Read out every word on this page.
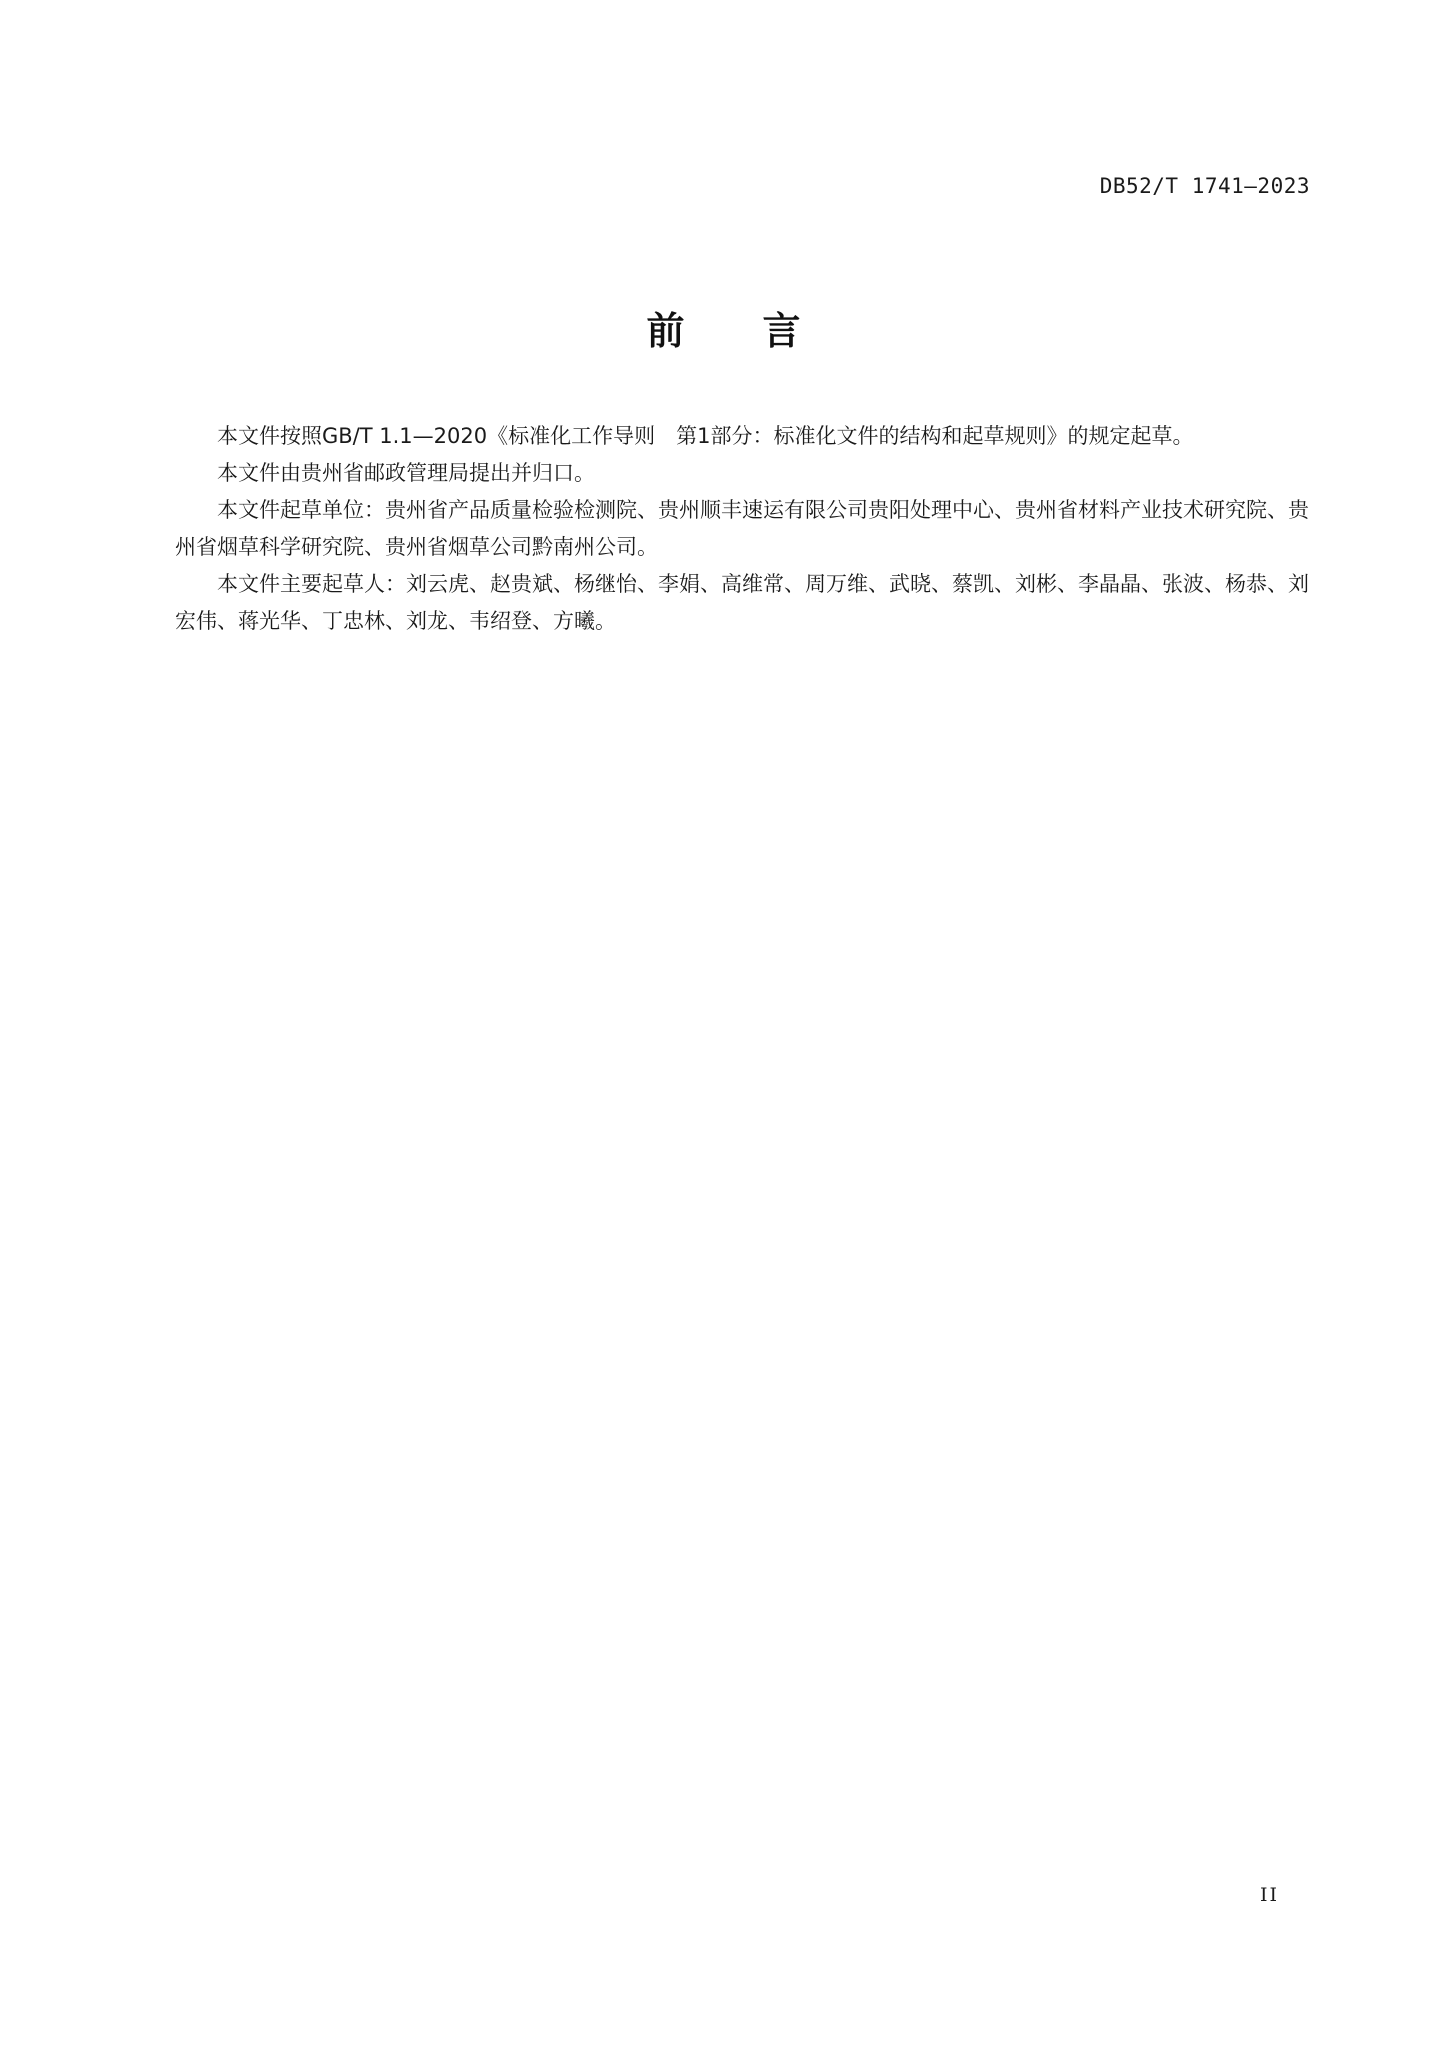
DB52/T 1741—2023
前言

本文件按照GB/T 1.1—2020《标准化工作导则　第1部分：标准化文件的结构和起草规则》的规定起草。

本文件由贵州省邮政管理局提出并归口。

本文件起草单位：贵州省产品质量检验检测院、贵州顺丰速运有限公司贵阳处理中心、贵州省材料产业技术研究院、贵州省烟草科学研究院、贵州省烟草公司黔南州公司。

本文件主要起草人：刘云虎、赵贵斌、杨继怡、李娟、高维常、周万维、武晓、蔡凯、刘彬、李晶晶、张波、杨恭、刘宏伟、蒋光华、丁忠林、刘龙、韦绍登、方曦。

II
